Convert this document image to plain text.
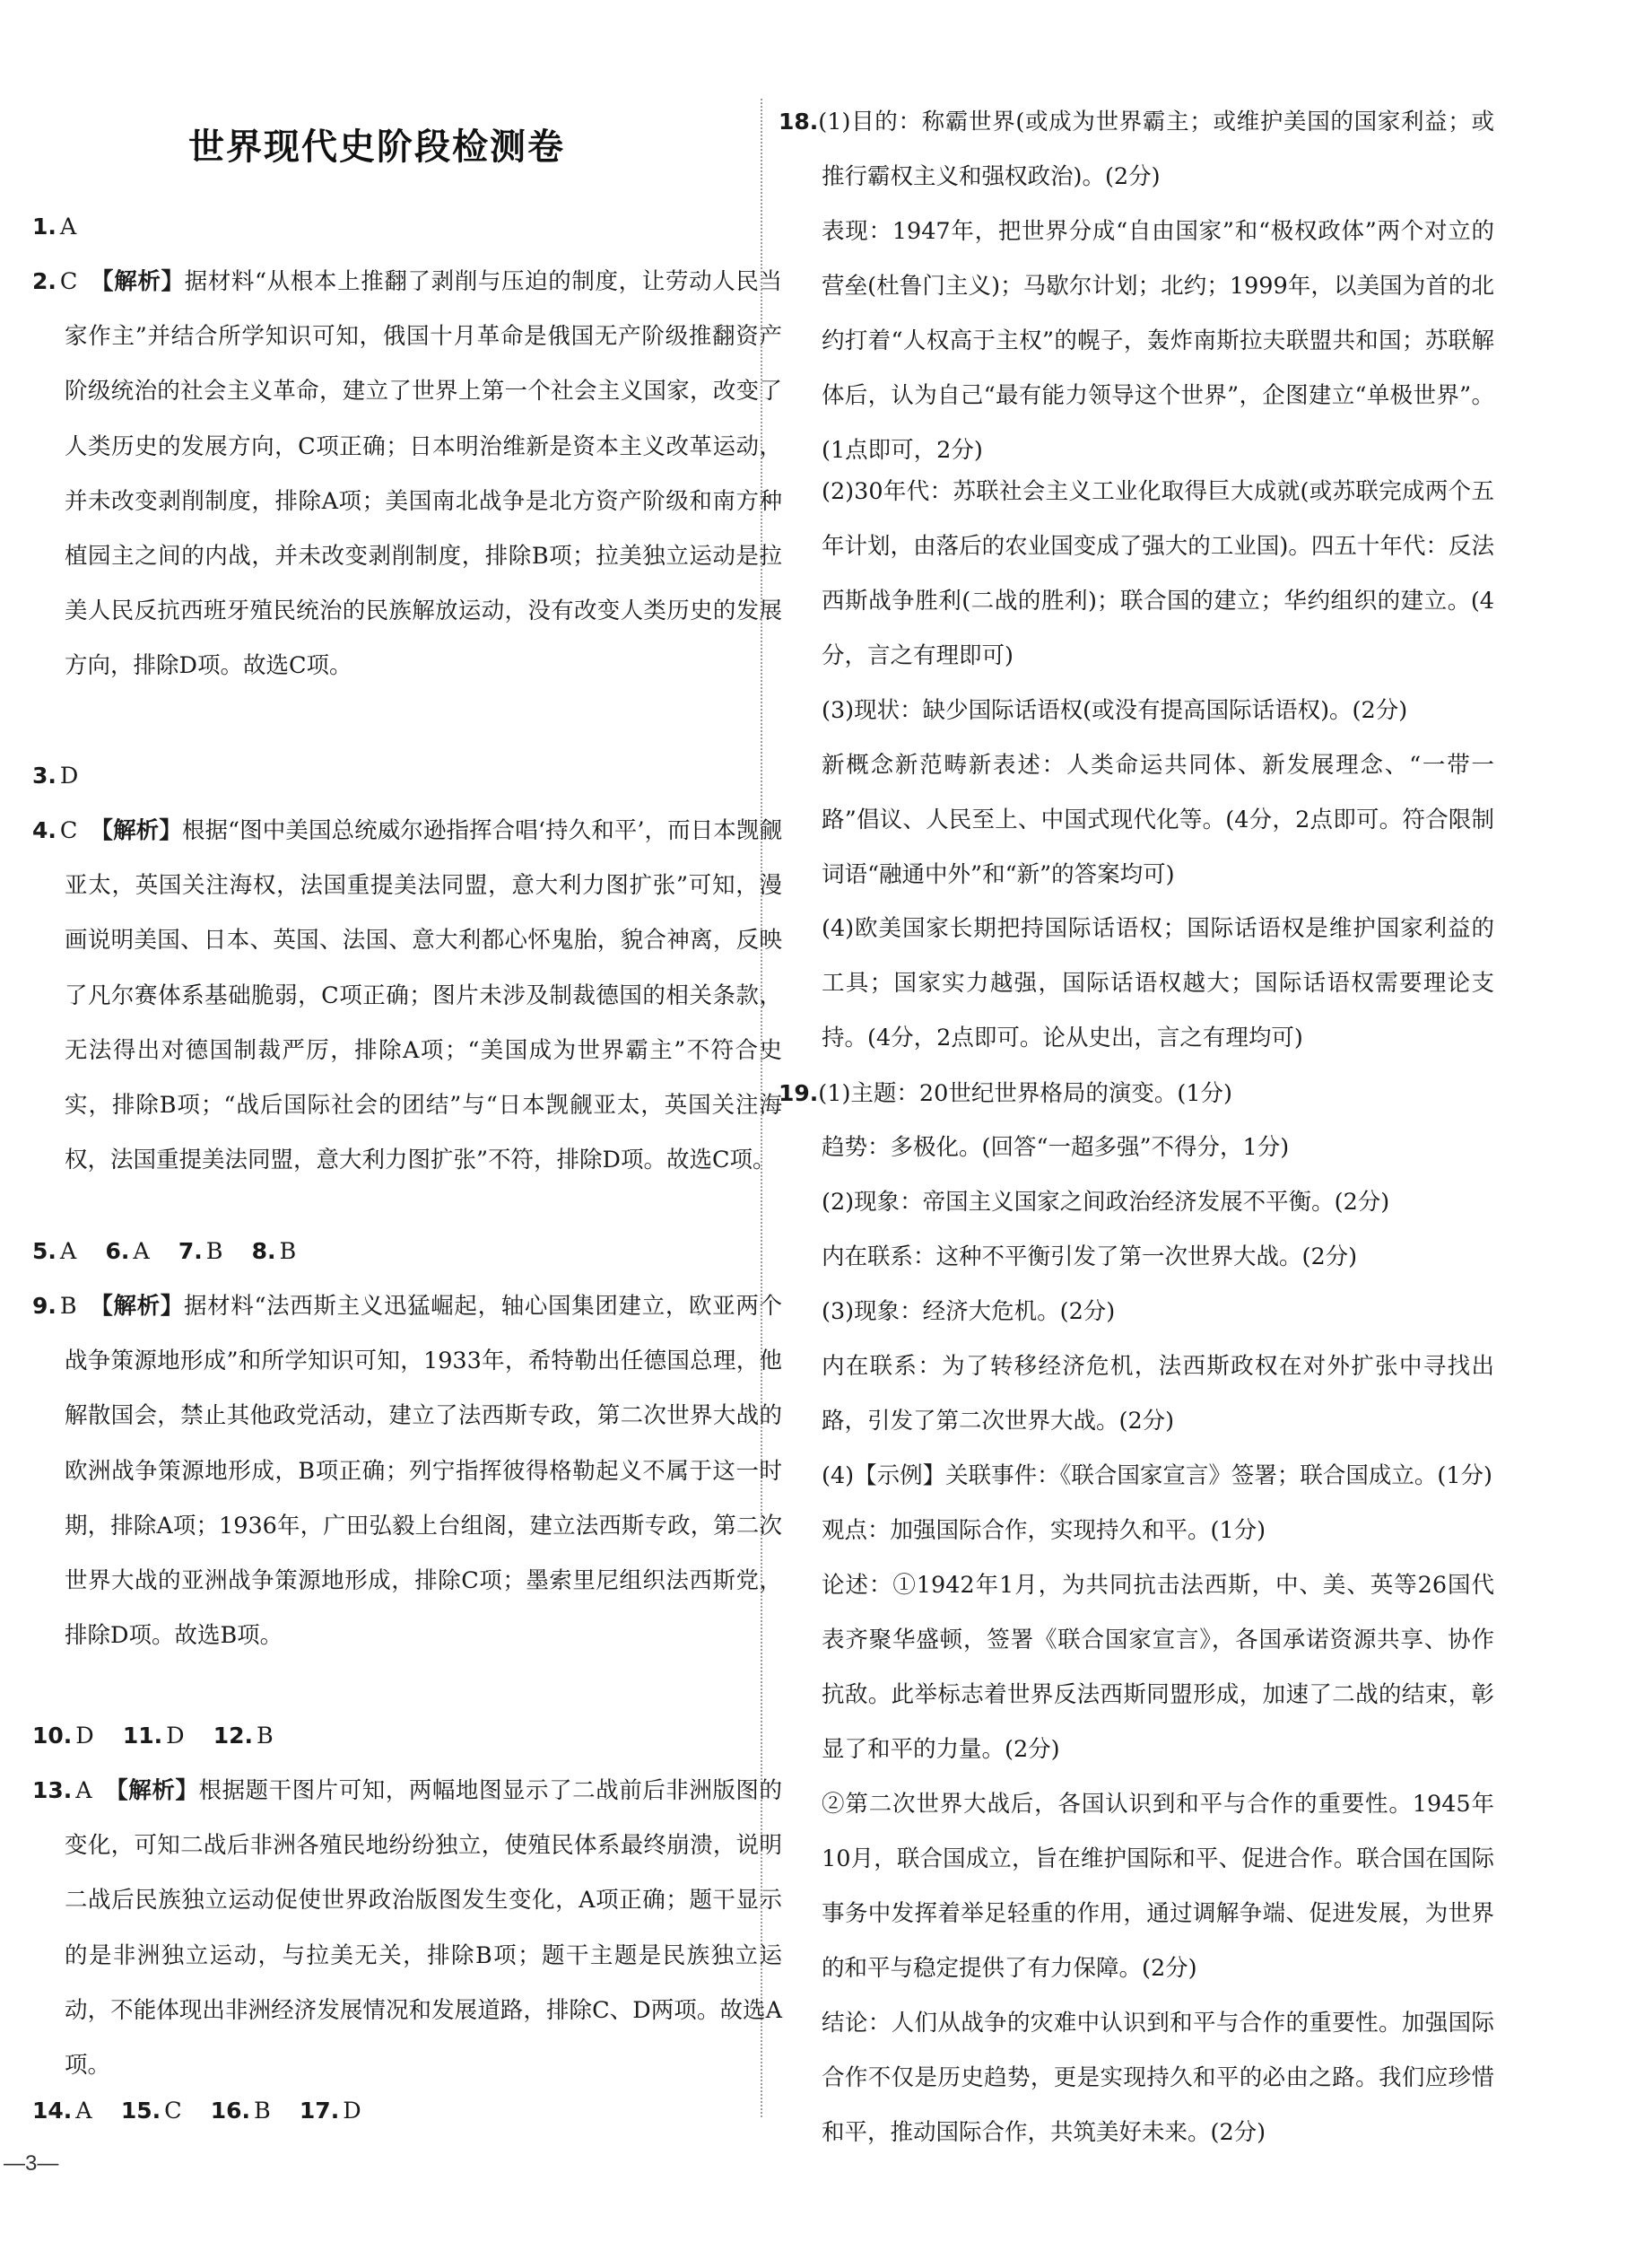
世界现代史阶段检测卷
1. A
2. C 【解析】据材料“从根本上推翻了剥削与压迫的制度，让劳动人民当家作主”并结合所学知识可知，俄国十月革命是俄国无产阶级推翻资产阶级统治的社会主义革命，建立了世界上第一个社会主义国家，改变了人类历史的发展方向，C项正确；日本明治维新是资本主义改革运动，并未改变剥削制度，排除A项；美国南北战争是北方资产阶级和南方种植园主之间的内战，并未改变剥削制度，排除B项；拉美独立运动是拉美人民反抗西班牙殖民统治的民族解放运动，没有改变人类历史的发展方向，排除D项。故选C项。
3. D
4. C 【解析】根据“图中美国总统威尔逊指挥合唱‘持久和平’，而日本觊觎亚太，英国关注海权，法国重提美法同盟，意大利力图扩张”可知，漫画说明美国、日本、英国、法国、意大利都心怀鬼胎，貌合神离，反映了凡尔赛体系基础脆弱，C项正确；图片未涉及制裁德国的相关条款，无法得出对德国制裁严厉，排除A项；“美国成为世界霸主”不符合史实，排除B项；“战后国际社会的团结”与“日本觊觎亚太，英国关注海权，法国重提美法同盟，意大利力图扩张”不符，排除D项。故选C项。
5. A 6. A 7. B 8. B
9. B 【解析】据材料“法西斯主义迅猛崛起，轴心国集团建立，欧亚两个战争策源地形成”和所学知识可知，1933年，希特勒出任德国总理，他解散国会，禁止其他政党活动，建立了法西斯专政，第二次世界大战的欧洲战争策源地形成，B项正确；列宁指挥彼得格勒起义不属于这一时期，排除A项；1936年，广田弘毅上台组阁，建立法西斯专政，第二次世界大战的亚洲战争策源地形成，排除C项；墨索里尼组织法西斯党，排除D项。故选B项。
10. D 11. D 12. B
13. A 【解析】根据题干图片可知，两幅地图显示了二战前后非洲版图的变化，可知二战后非洲各殖民地纷纷独立，使殖民体系最终崩溃，说明二战后民族独立运动促使世界政治版图发生变化，A项正确；题干显示的是非洲独立运动，与拉美无关，排除B项；题干主题是民族独立运动，不能体现出非洲经济发展情况和发展道路，排除C、D两项。故选A项。
14. A 15. C 16. B 17. D
18.(1)目的：称霸世界(或成为世界霸主；或维护美国的国家利益；或推行霸权主义和强权政治)。(2分)
表现：1947年，把世界分成“自由国家”和“极权政体”两个对立的营垒(杜鲁门主义)；马歇尔计划；北约；1999年，以美国为首的北约打着“人权高于主权”的幌子，轰炸南斯拉夫联盟共和国；苏联解体后，认为自己“最有能力领导这个世界”，企图建立“单极世界”。(1点即可，2分)
(2)30年代：苏联社会主义工业化取得巨大成就(或苏联完成两个五年计划，由落后的农业国变成了强大的工业国)。四五十年代：反法西斯战争胜利(二战的胜利)；联合国的建立；华约组织的建立。(4分，言之有理即可)
(3)现状：缺少国际话语权(或没有提高国际话语权)。(2分)
新概念新范畴新表述：人类命运共同体、新发展理念、“一带一路”倡议、人民至上、中国式现代化等。(4分，2点即可。符合限制词语“融通中外”和“新”的答案均可)
(4)欧美国家长期把持国际话语权；国际话语权是维护国家利益的工具；国家实力越强，国际话语权越大；国际话语权需要理论支持。(4分，2点即可。论从史出，言之有理均可)
19.(1)主题：20世纪世界格局的演变。(1分)
趋势：多极化。(回答“一超多强”不得分，1分)
(2)现象：帝国主义国家之间政治经济发展不平衡。(2分)
内在联系：这种不平衡引发了第一次世界大战。(2分)
(3)现象：经济大危机。(2分)
内在联系：为了转移经济危机，法西斯政权在对外扩张中寻找出路，引发了第二次世界大战。(2分)
(4)【示例】关联事件：《联合国家宣言》签署；联合国成立。(1分)
观点：加强国际合作，实现持久和平。(1分)
论述：①1942年1月，为共同抗击法西斯，中、美、英等26国代表齐聚华盛顿，签署《联合国家宣言》，各国承诺资源共享、协作抗敌。此举标志着世界反法西斯同盟形成，加速了二战的结束，彰显了和平的力量。(2分)
②第二次世界大战后，各国认识到和平与合作的重要性。1945年10月，联合国成立，旨在维护国际和平、促进合作。联合国在国际事务中发挥着举足轻重的作用，通过调解争端、促进发展，为世界的和平与稳定提供了有力保障。(2分)
结论：人们从战争的灾难中认识到和平与合作的重要性。加强国际合作不仅是历史趋势，更是实现持久和平的必由之路。我们应珍惜和平，推动国际合作，共筑美好未来。(2分)
—3—
